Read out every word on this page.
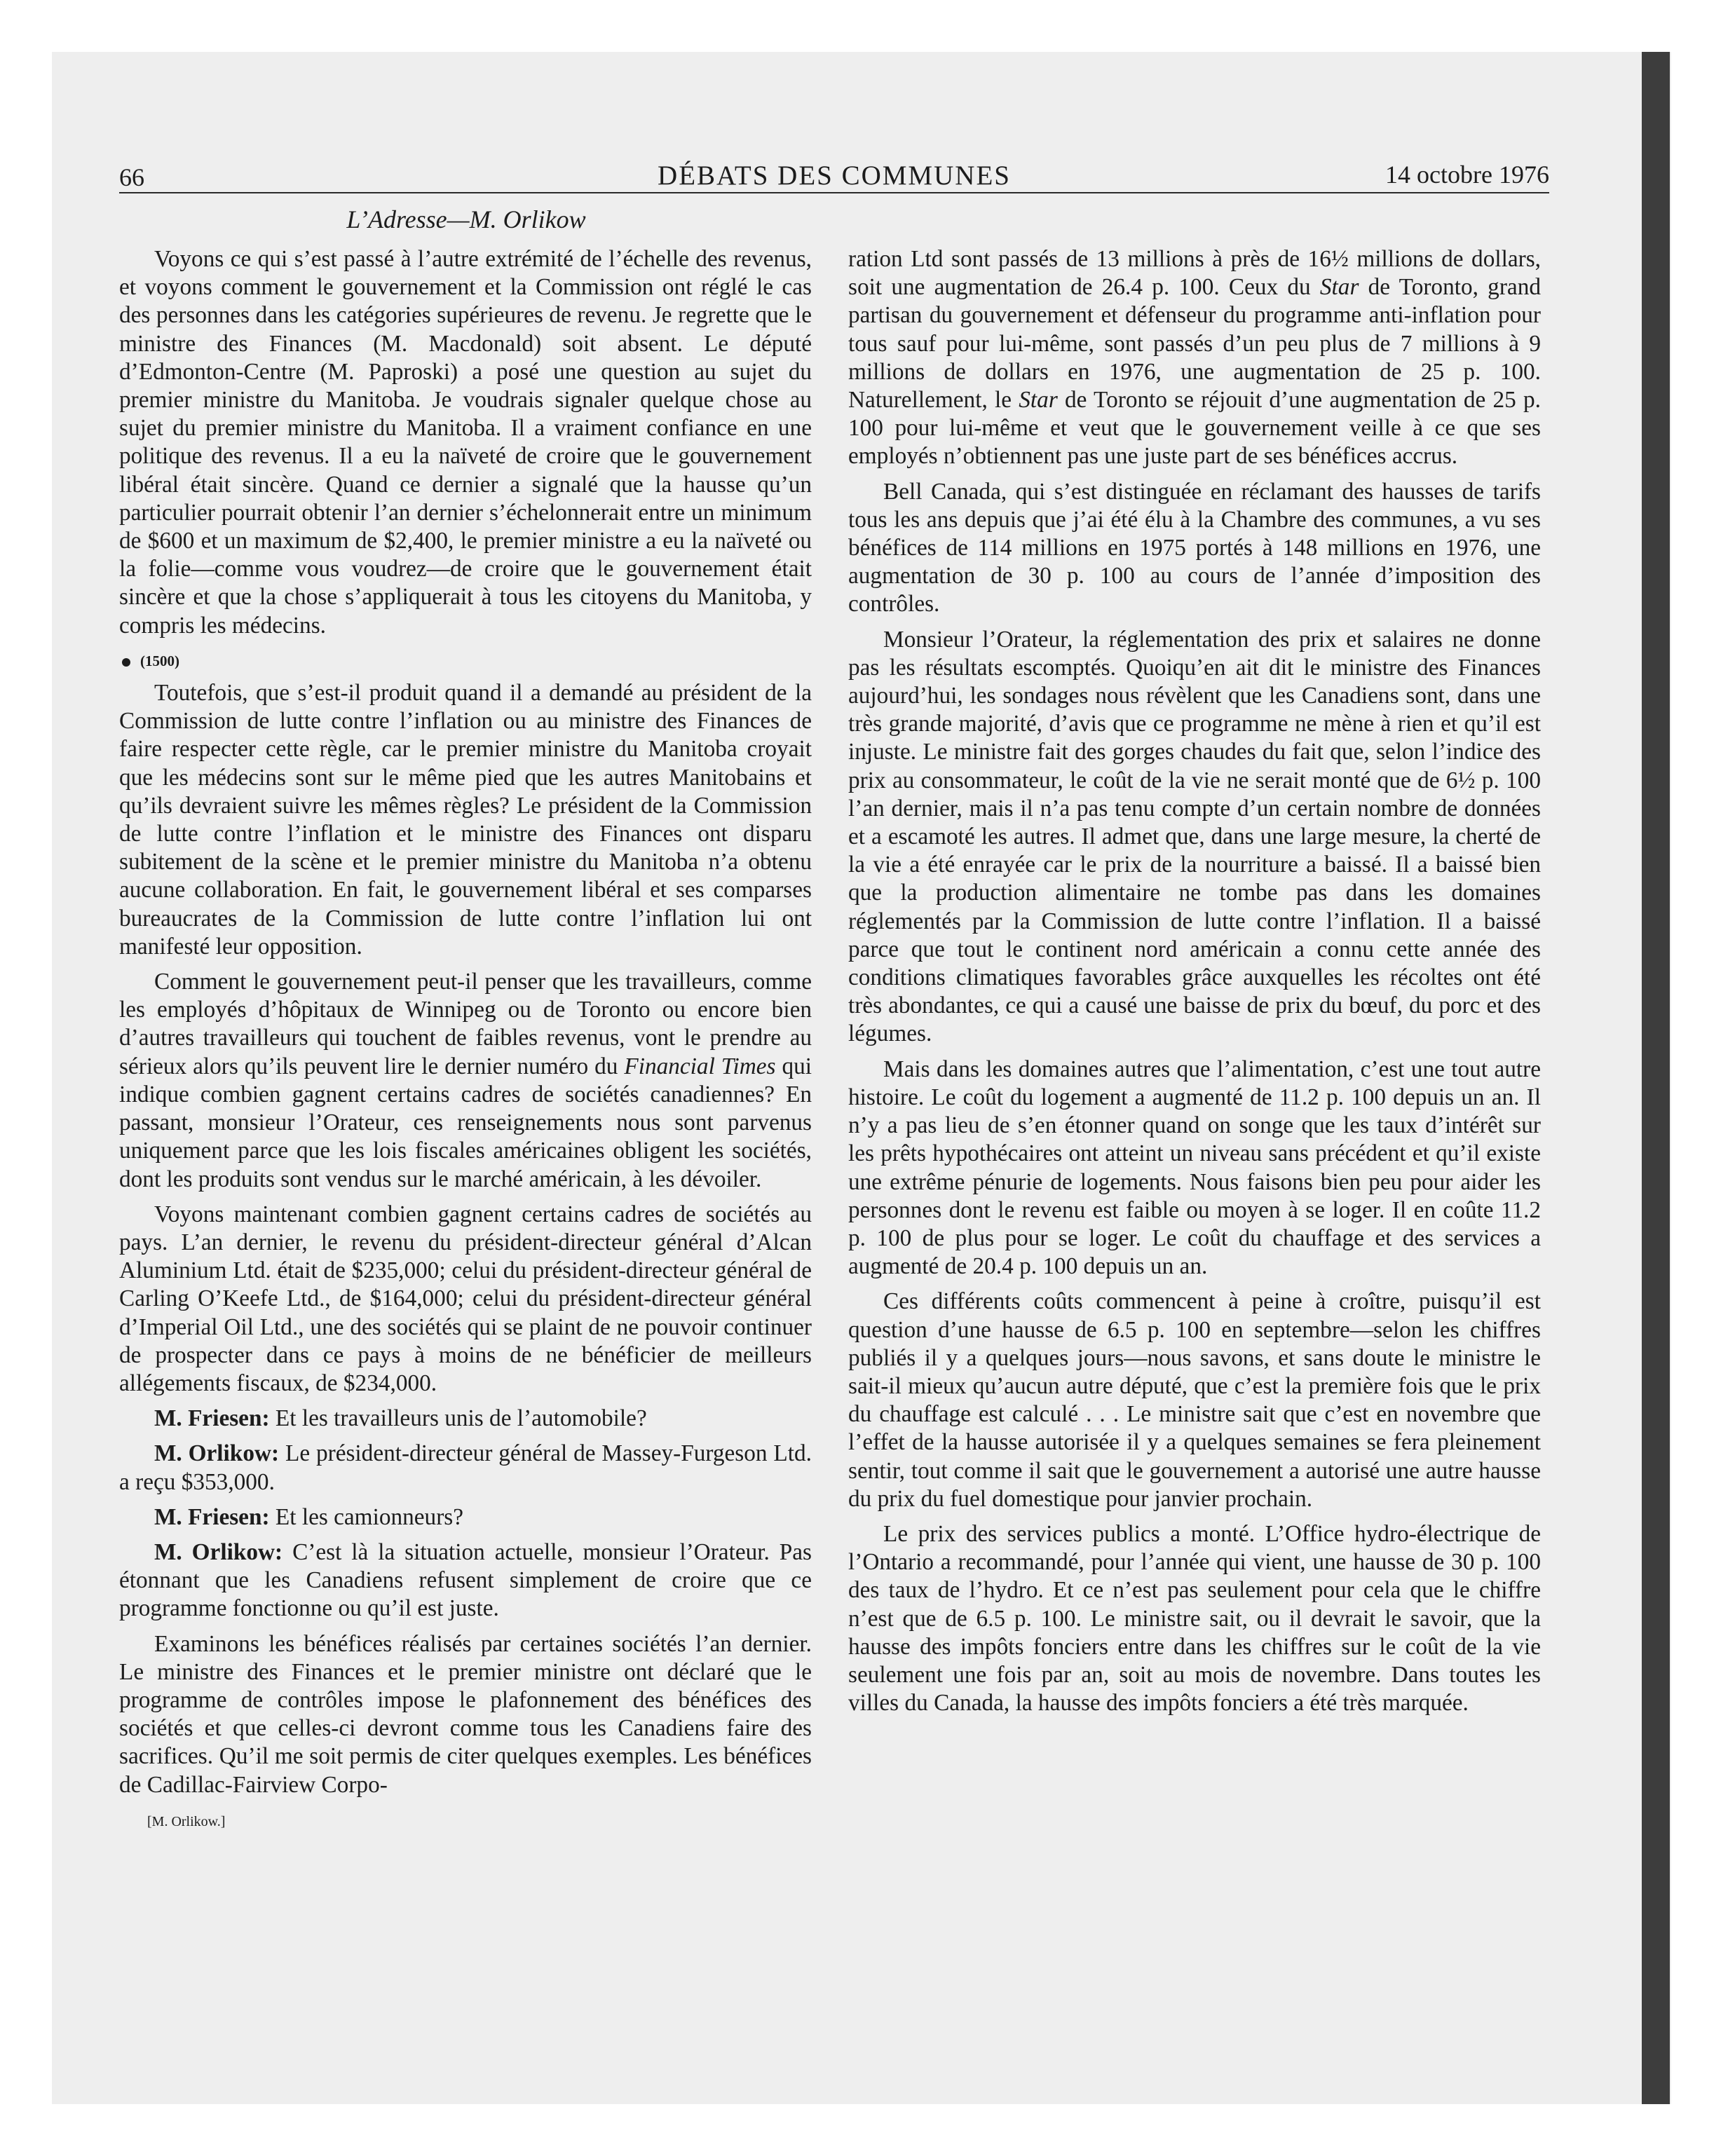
66	DÉBATS DES COMMUNES	14 octobre 1976
L’Adresse—M. Orlikow

Voyons ce qui s’est passé à l’autre extrémité de l’échelle des revenus, et voyons comment le gouvernement et la Commission ont réglé le cas des personnes dans les catégories supérieures de revenu. Je regrette que le ministre des Finances (M. Macdonald) soit absent. Le député d’Edmonton-Centre (M. Paproski) a posé une question au sujet du premier ministre du Manitoba. Je voudrais signaler quelque chose au sujet du premier ministre du Manitoba. Il a vraiment confiance en une politique des revenus. Il a eu la naïveté de croire que le gouvernement libéral était sincère. Quand ce dernier a signalé que la hausse qu’un particulier pourrait obtenir l’an dernier s’échelonnerait entre un minimum de $600 et un maximum de $2,400, le premier ministre a eu la naïveté ou la folie—comme vous voudrez—de croire que le gouvernement était sincère et que la chose s’appliquerait à tous les citoyens du Manitoba, y compris les médecins.

(1500)

Toutefois, que s’est-il produit quand il a demandé au président de la Commission de lutte contre l’inflation ou au ministre des Finances de faire respecter cette règle, car le premier ministre du Manitoba croyait que les médecins sont sur le même pied que les autres Manitobains et qu’ils devraient suivre les mêmes règles? Le président de la Commission de lutte contre l’inflation et le ministre des Finances ont disparu subitement de la scène et le premier ministre du Manitoba n’a obtenu aucune collaboration. En fait, le gouvernement libéral et ses comparses bureaucrates de la Commission de lutte contre l’inflation lui ont manifesté leur opposition.

Comment le gouvernement peut-il penser que les travailleurs, comme les employés d’hôpitaux de Winnipeg ou de Toronto ou encore bien d’autres travailleurs qui touchent de faibles revenus, vont le prendre au sérieux alors qu’ils peuvent lire le dernier numéro du Financial Times qui indique combien gagnent certains cadres de sociétés canadiennes? En passant, monsieur l’Orateur, ces renseignements nous sont parvenus uniquement parce que les lois fiscales américaines obligent les sociétés, dont les produits sont vendus sur le marché américain, à les dévoiler.

Voyons maintenant combien gagnent certains cadres de sociétés au pays. L’an dernier, le revenu du président-directeur général d’Alcan Aluminium Ltd. était de $235,000; celui du président-directeur général de Carling O’Keefe Ltd., de $164,000; celui du président-directeur général d’Imperial Oil Ltd., une des sociétés qui se plaint de ne pouvoir continuer de prospecter dans ce pays à moins de ne bénéficier de meilleurs allégements fiscaux, de $234,000.

M. Friesen: Et les travailleurs unis de l’automobile?

M. Orlikow: Le président-directeur général de Massey-Furgeson Ltd. a reçu $353,000.

M. Friesen: Et les camionneurs?

M. Orlikow: C’est là la situation actuelle, monsieur l’Orateur. Pas étonnant que les Canadiens refusent simplement de croire que ce programme fonctionne ou qu’il est juste.

Examinons les bénéfices réalisés par certaines sociétés l’an dernier. Le ministre des Finances et le premier ministre ont déclaré que le programme de contrôles impose le plafonnement des bénéfices des sociétés et que celles-ci devront comme tous les Canadiens faire des sacrifices. Qu’il me soit permis de citer quelques exemples. Les bénéfices de Cadillac-Fairview Corpo-

[M. Orlikow.]

ration Ltd sont passés de 13 millions à près de 16½ millions de dollars, soit une augmentation de 26.4 p. 100. Ceux du Star de Toronto, grand partisan du gouvernement et défenseur du programme anti-inflation pour tous sauf pour lui-même, sont passés d’un peu plus de 7 millions à 9 millions de dollars en 1976, une augmentation de 25 p. 100. Naturellement, le Star de Toronto se réjouit d’une augmentation de 25 p. 100 pour lui-même et veut que le gouvernement veille à ce que ses employés n’obtiennent pas une juste part de ses bénéfices accrus.

Bell Canada, qui s’est distinguée en réclamant des hausses de tarifs tous les ans depuis que j’ai été élu à la Chambre des communes, a vu ses bénéfices de 114 millions en 1975 portés à 148 millions en 1976, une augmentation de 30 p. 100 au cours de l’année d’imposition des contrôles.

Monsieur l’Orateur, la réglementation des prix et salaires ne donne pas les résultats escomptés. Quoiqu’en ait dit le ministre des Finances aujourd’hui, les sondages nous révèlent que les Canadiens sont, dans une très grande majorité, d’avis que ce programme ne mène à rien et qu’il est injuste. Le ministre fait des gorges chaudes du fait que, selon l’indice des prix au consommateur, le coût de la vie ne serait monté que de 6½ p. 100 l’an dernier, mais il n’a pas tenu compte d’un certain nombre de données et a escamoté les autres. Il admet que, dans une large mesure, la cherté de la vie a été enrayée car le prix de la nourriture a baissé. Il a baissé bien que la production alimentaire ne tombe pas dans les domaines réglementés par la Commission de lutte contre l’inflation. Il a baissé parce que tout le continent nord américain a connu cette année des conditions climatiques favorables grâce auxquelles les récoltes ont été très abondantes, ce qui a causé une baisse de prix du bœuf, du porc et des légumes.

Mais dans les domaines autres que l’alimentation, c’est une tout autre histoire. Le coût du logement a augmenté de 11.2 p. 100 depuis un an. Il n’y a pas lieu de s’en étonner quand on songe que les taux d’intérêt sur les prêts hypothécaires ont atteint un niveau sans précédent et qu’il existe une extrême pénurie de logements. Nous faisons bien peu pour aider les personnes dont le revenu est faible ou moyen à se loger. Il en coûte 11.2 p. 100 de plus pour se loger. Le coût du chauffage et des services a augmenté de 20.4 p. 100 depuis un an.

Ces différents coûts commencent à peine à croître, puisqu’il est question d’une hausse de 6.5 p. 100 en septembre—selon les chiffres publiés il y a quelques jours—nous savons, et sans doute le ministre le sait-il mieux qu’aucun autre député, que c’est la première fois que le prix du chauffage est calculé . . . Le ministre sait que c’est en novembre que l’effet de la hausse autorisée il y a quelques semaines se fera pleinement sentir, tout comme il sait que le gouvernement a autorisé une autre hausse du prix du fuel domestique pour janvier prochain.

Le prix des services publics a monté. L’Office hydro-électrique de l’Ontario a recommandé, pour l’année qui vient, une hausse de 30 p. 100 des taux de l’hydro. Et ce n’est pas seulement pour cela que le chiffre n’est que de 6.5 p. 100. Le ministre sait, ou il devrait le savoir, que la hausse des impôts fonciers entre dans les chiffres sur le coût de la vie seulement une fois par an, soit au mois de novembre. Dans toutes les villes du Canada, la hausse des impôts fonciers a été très marquée.
